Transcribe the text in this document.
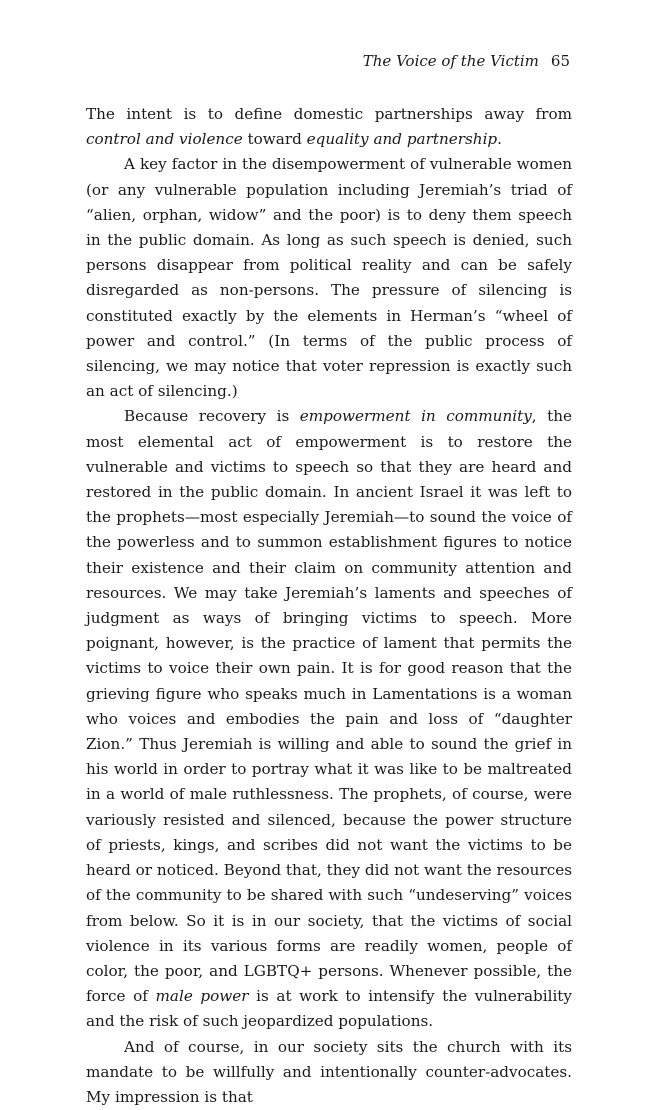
The Voice of the Victim 65

The intent is to define domestic partnerships away from control and violence toward equality and partnership.

A key factor in the disempowerment of vulnerable women (or any vulnerable population including Jeremiah’s triad of “alien, orphan, widow” and the poor) is to deny them speech in the public domain. As long as such speech is denied, such persons disappear from political reality and can be safely disregarded as non-persons. The pressure of silencing is constituted exactly by the elements in Herman’s “wheel of power and control.” (In terms of the public process of silencing, we may notice that voter repression is exactly such an act of silencing.)

Because recovery is empowerment in community, the most elemental act of empowerment is to restore the vulnerable and victims to speech so that they are heard and restored in the public domain. In ancient Israel it was left to the prophets—most especially Jeremiah—to sound the voice of the powerless and to summon establishment figures to notice their existence and their claim on community attention and resources. We may take Jeremiah’s laments and speeches of judgment as ways of bringing victims to speech. More poignant, however, is the practice of lament that permits the victims to voice their own pain. It is for good reason that the grieving figure who speaks much in Lamentations is a woman who voices and embodies the pain and loss of “daughter Zion.” Thus Jeremiah is willing and able to sound the grief in his world in order to portray what it was like to be maltreated in a world of male ruthlessness. The prophets, of course, were variously resisted and silenced, because the power structure of priests, kings, and scribes did not want the victims to be heard or noticed. Beyond that, they did not want the resources of the community to be shared with such “undeserving” voices from below. So it is in our society, that the victims of social violence in its various forms are readily women, people of color, the poor, and LGBTQ+ persons. Whenever possible, the force of male power is at work to intensify the vulnerability and the risk of such jeopardized populations.

And of course, in our society sits the church with its mandate to be willfully and intentionally counter-advocates. My impression is that
